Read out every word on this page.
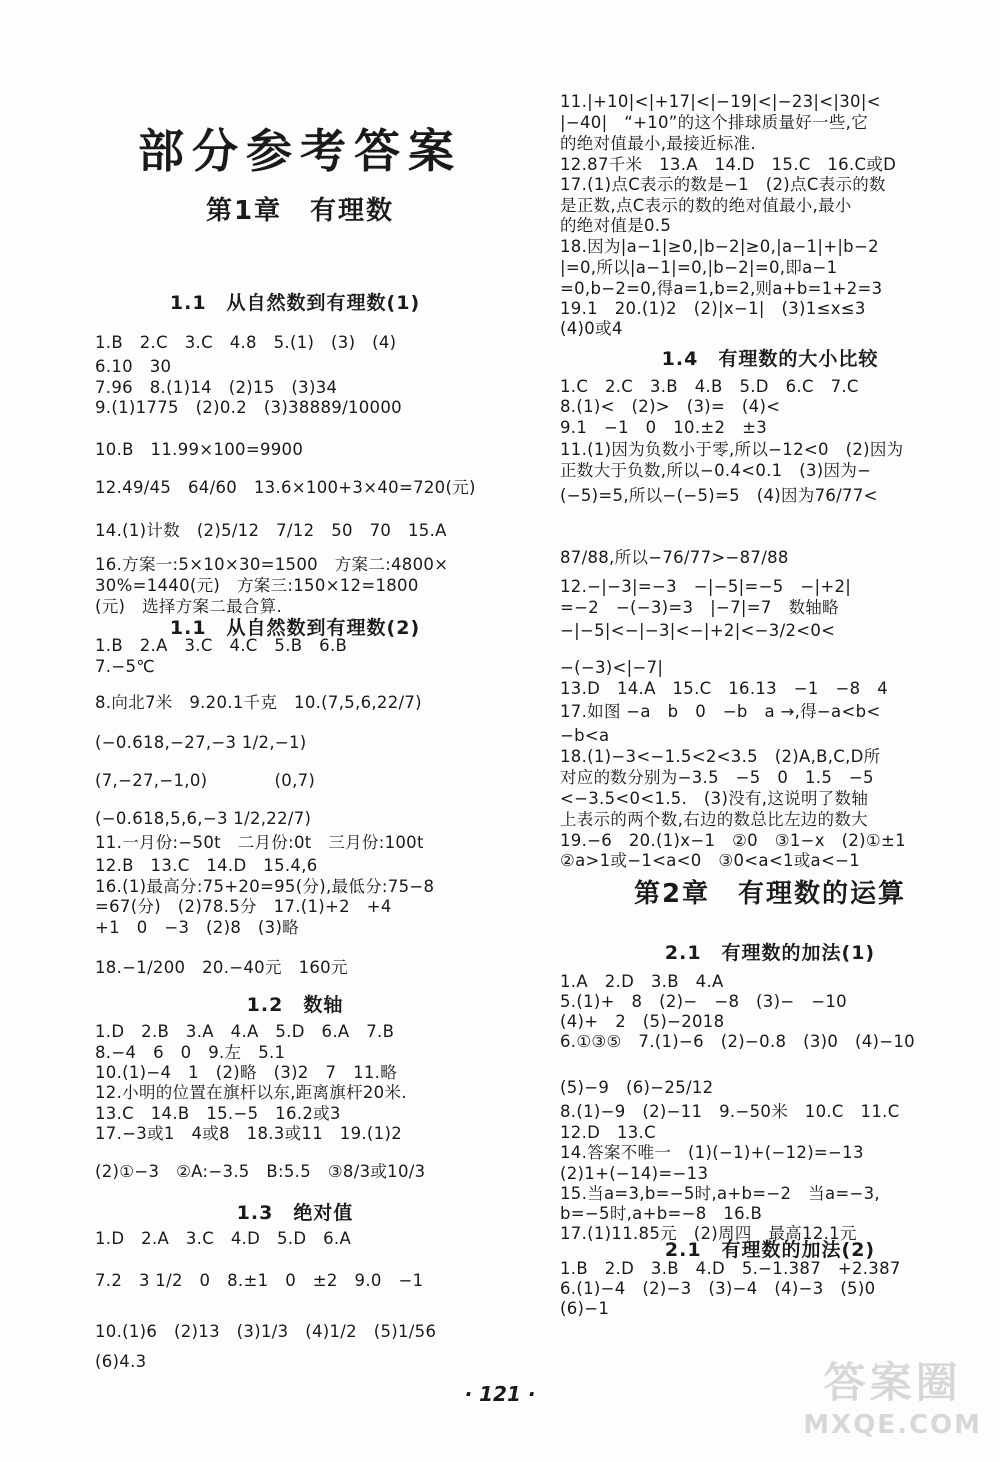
部分参考答案
第1章　有理数
1.1　从自然数到有理数(1)
1.1　从自然数到有理数(2)
1.2　数轴
1.3　绝对值
1.4　有理数的大小比较
第2章　有理数的运算
2.1　有理数的加法(1)
2.1　有理数的加法(2)
1.B　2.C　3.C　4.8　5.(1)　(3)　(4)
6.10　30
7.96　8.(1)14　(2)15　(3)34
9.(1)1775　(2)0.2　(3)38889/10000
10.B　11.99×100=9900
12.49/45　64/60　13.6×100+3×40=720(元)
14.(1)计数　(2)5/12　7/12　50　70　15.A
16.方案一:5×10×30=1500　方案二:4800×
30%=1440(元)　方案三:150×12=1800
(元)　选择方案二最合算.
1.B　2.A　3.C　4.C　5.B　6.B
7.−5℃
8.向北7米　9.20.1千克　10.(7,5,6,22/7)
(−0.618,−27,−3 1/2,−1)
(7,−27,−1,0)　　　　(0,7)
(−0.618,5,6,−3 1/2,22/7)
11.一月份:−50t　二月份:0t　三月份:100t
12.B　13.C　14.D　15.4,6
16.(1)最高分:75+20=95(分),最低分:75−8
=67(分)　(2)78.5分　17.(1)+2　+4
+1　0　−3　(2)8　(3)略
18.−1/200　20.−40元　160元
1.D　2.B　3.A　4.A　5.D　6.A　7.B
8.−4　6　0　9.左　5.1
10.(1)−4　1　(2)略　(3)2　7　11.略
12.小明的位置在旗杆以东,距离旗杆20米.
13.C　14.B　15.−5　16.2或3
17.−3或1　4或8　18.3或11　19.(1)2
(2)①−3　②A:−3.5　B:5.5　③8/3或10/3
1.D　2.A　3.C　4.D　5.D　6.A
7.2　3 1/2　0　8.±1　0　±2　9.0　−1
10.(1)6　(2)13　(3)1/3　(4)1/2　(5)1/56
(6)4.3
11.|+10|<|+17|<|−19|<|−23|<|30|<
|−40|　“+10”的这个排球质量好一些,它
的绝对值最小,最接近标准.
12.87千米　13.A　14.D　15.C　16.C或D
17.(1)点C表示的数是−1　(2)点C表示的数
是正数,点C表示的数的绝对值最小,最小
的绝对值是0.5
18.因为|a−1|≥0,|b−2|≥0,|a−1|+|b−2
|=0,所以|a−1|=0,|b−2|=0,即a−1
=0,b−2=0,得a=1,b=2,则a+b=1+2=3
19.1　20.(1)2　(2)|x−1|　(3)1≤x≤3
(4)0或4
1.C　2.C　3.B　4.B　5.D　6.C　7.C
8.(1)<　(2)>　(3)=　(4)<
9.1　−1　0　10.±2　±3
11.(1)因为负数小于零,所以−12<0　(2)因为
正数大于负数,所以−0.4<0.1　(3)因为−
(−5)=5,所以−(−5)=5　(4)因为76/77<
87/88,所以−76/77>−87/88
12.−|−3|=−3　−|−5|=−5　−|+2|
=−2　−(−3)=3　|−7|=7　数轴略
−|−5|<−|−3|<−|+2|<−3/2<0<
−(−3)<|−7|
13.D　14.A　15.C　16.13　−1　−8　4
17.如图 −a　b　0　−b　a →,得−a<b<
−b<a
18.(1)−3<−1.5<2<3.5　(2)A,B,C,D所
对应的数分别为−3.5　−5　0　1.5　−5
<−3.5<0<1.5.　(3)没有,这说明了数轴
上表示的两个数,右边的数总比左边的数大
19.−6　20.(1)x−1　②0　③1−x　(2)①±1
②a>1或−1<a<0　③0<a<1或a<−1
1.A　2.D　3.B　4.A
5.(1)+　8　(2)−　−8　(3)−　−10
(4)+　2　(5)−2018
6.①③⑤　7.(1)−6　(2)−0.8　(3)0　(4)−10
(5)−9　(6)−25/12
8.(1)−9　(2)−11　9.−50米　10.C　11.C
12.D　13.C
14.答案不唯一　(1)(−1)+(−12)=−13
(2)1+(−14)=−13
15.当a=3,b=−5时,a+b=−2　当a=−3,
b=−5时,a+b=−8　16.B
17.(1)11.85元　(2)周四　最高12.1元
1.B　2.D　3.B　4.D　5.−1.387　+2.387
6.(1)−4　(2)−3　(3)−4　(4)−3　(5)0
(6)−1
· 121 ·	答案圈
MXQE.COM
